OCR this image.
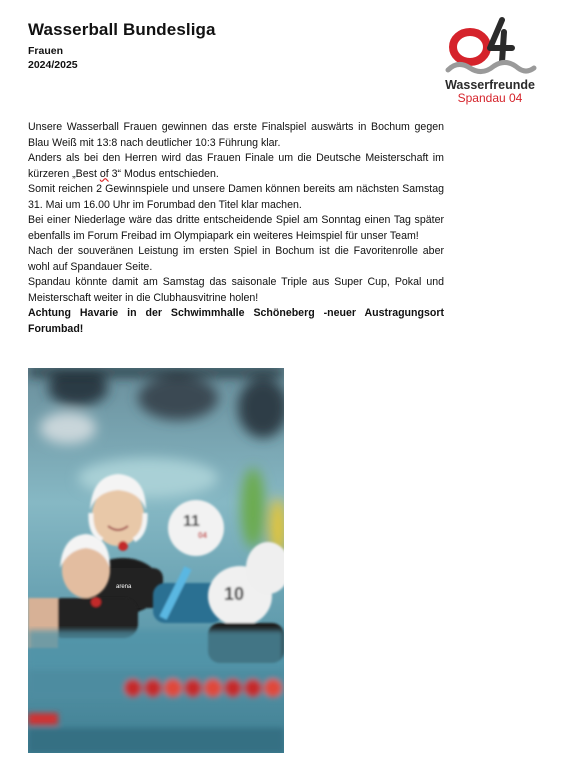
Wasserball Bundesliga
Frauen
2024/2025
Wasserfreunde
Spandau 04

Unsere Wasserball Frauen gewinnen das erste Finalspiel auswärts in Bochum gegen Blau Weiß mit 13:8 nach deutlicher 10:3 Führung klar.

Anders als bei den Herren wird das Frauen Finale um die Deutsche Meisterschaft im kürzeren „Best of 3“ Modus entschieden.

Somit reichen 2 Gewinnspiele und unsere Damen können bereits am nächsten Samstag 31. Mai um 16.00 Uhr im Forumbad den Titel klar machen.

Bei einer Niederlage wäre das dritte entscheidende Spiel am Sonntag einen Tag später ebenfalls im Forum Freibad im Olympiapark ein weiteres Heimspiel für unser Team!

Nach der souveränen Leistung im ersten Spiel in Bochum ist die Favoritenrolle aber wohl auf Spandauer Seite.

Spandau könnte damit am Samstag das saisonale Triple aus Super Cup, Pokal und Meisterschaft weiter in die Clubhausvitrine holen!

Achtung Havarie in der Schwimmhalle Schöneberg -neuer Austragungsort Forumbad!

11
04
10
arena
